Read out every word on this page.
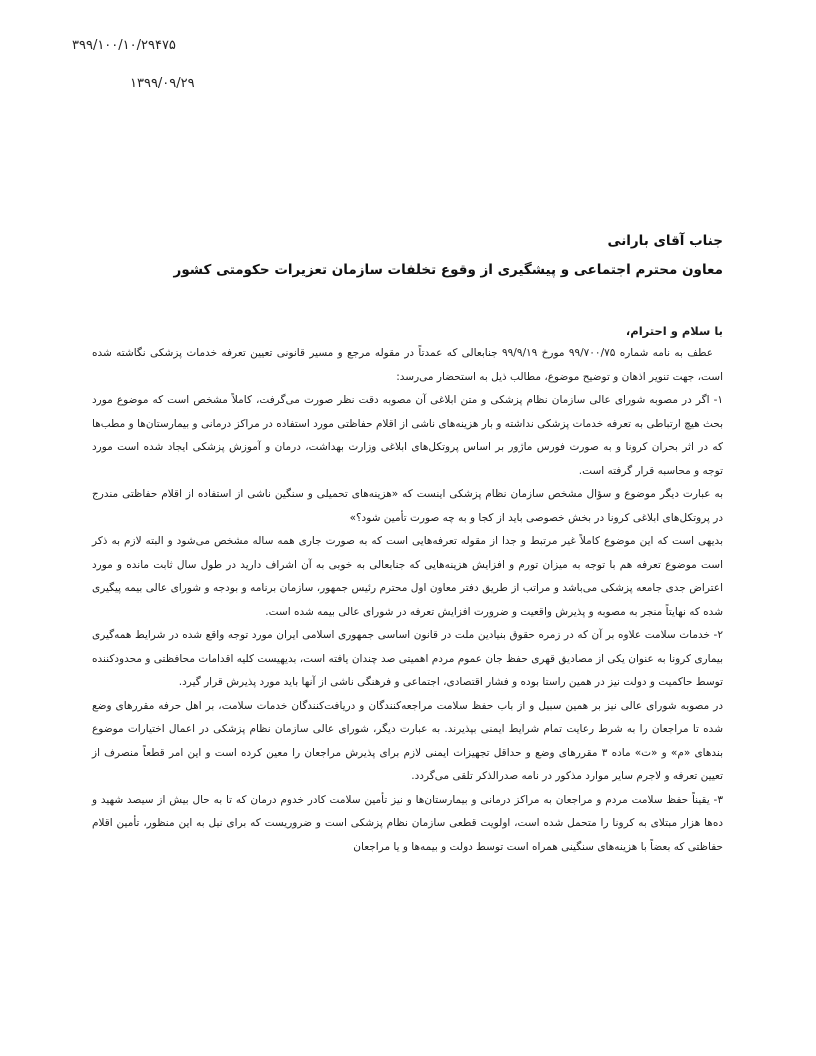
۳۹۹/۱۰۰/۱۰/۲۹۴۷۵
۱۳۹۹/۰۹/۲۹
جناب آقای بارانی
معاون محترم اجتماعی و پیشگیری از وقوع تخلفات سازمان تعزیرات حکومتی کشور

با سلام و احترام،

عطف به نامه شماره ۹۹/۷۰۰/۷۵ مورخ ۹۹/۹/۱۹ جنابعالی که عمدتاً در مقوله مرجع و مسیر قانونی تعیین تعرفه خدمات پزشکی نگاشته شده است، جهت تنویر اذهان و توضیح موضوع، مطالب ذیل به استحضار می‌رسد:

۱- اگر در مصوبه شورای عالی سازمان نظام پزشکی و متن ابلاغی آن مصوبه دقت نظر صورت می‌گرفت، کاملاً مشخص است که موضوع مورد بحث هیچ ارتباطی به تعرفه خدمات پزشکی نداشته و بار هزینه‌های ناشی از اقلام حفاظتی مورد استفاده در مراکز درمانی و بیمارستان‌ها و مطب‌ها که در اثر بحران کرونا و به صورت فورس ماژور بر اساس پروتکل‌های ابلاغی وزارت بهداشت، درمان و آموزش پزشکی ایجاد شده است مورد توجه و محاسبه قرار گرفته است.

به عبارت دیگر موضوع و سؤال مشخص سازمان نظام پزشکی اینست که «هزینه‌های تحمیلی و سنگین ناشی از استفاده از اقلام حفاظتی مندرج در پروتکل‌های ابلاغی کرونا در بخش خصوصی باید از کجا و به چه صورت تأمین شود؟»

بدیهی است که این موضوع کاملاً غیر مرتبط و جدا از مقوله تعرفه‌هایی است که به صورت جاری همه ساله مشخص می‌شود و البته لازم به ذکر است موضوع تعرفه هم با توجه به میزان تورم و افزایش هزینه‌هایی که جنابعالی به خوبی به آن اشراف دارید در طول سال ثابت مانده و مورد اعتراض جدی جامعه پزشکی می‌باشد و مراتب از طریق دفتر معاون اول محترم رئیس جمهور، سازمان برنامه و بودجه و شورای عالی بیمه پیگیری شده که نهایتاً منجر به مصوبه و پذیرش واقعیت و ضرورت افزایش تعرفه در شورای عالی بیمه شده است.

۲- خدمات سلامت علاوه بر آن که در زمره حقوق بنیادین ملت در قانون اساسی جمهوری اسلامی ایران مورد توجه واقع شده در شرایط همه‌گیری بیماری کرونا به عنوان یکی از مصادیق قهری حفظ جان عموم مردم اهمیتی صد چندان یافته است، بدیهیست کلیه اقدامات محافظتی و محدودکننده توسط حاکمیت و دولت نیز در همین راستا بوده و فشار اقتصادی، اجتماعی و فرهنگی ناشی از آنها باید مورد پذیرش قرار گیرد.

در مصوبه شورای عالی نیز بر همین سبیل و از باب حفظ سلامت مراجعه‌کنندگان و دریافت‌کنندگان خدمات سلامت، بر اهل حرفه مقررهای وضع شده تا مراجعان را به شرط رعایت تمام شرایط ایمنی بپذیرند. به عبارت دیگر، شورای عالی سازمان نظام پزشکی در اعمال اختیارات موضوع بندهای «م» و «ت» ماده ۳ مقررهای وضع و حداقل تجهیزات ایمنی لازم برای پذیرش مراجعان را معین کرده است و این امر قطعاً منصرف از تعیین تعرفه و لاجرم سایر موارد مذکور در نامه صدرالذکر تلقی می‌گردد.

۳- یقیناً حفظ سلامت مردم و مراجعان به مراکز درمانی و بیمارستان‌ها و نیز تأمین سلامت کادر خدوم درمان که تا به حال بیش از سیصد شهید و ده‌ها هزار مبتلای به کرونا را متحمل شده است، اولویت قطعی سازمان نظام پزشکی است و ضروریست که برای نیل به این منظور، تأمین اقلام حفاظتی که بعضاً با هزینه‌های سنگینی همراه است توسط دولت و بیمه‌ها و یا مراجعان
